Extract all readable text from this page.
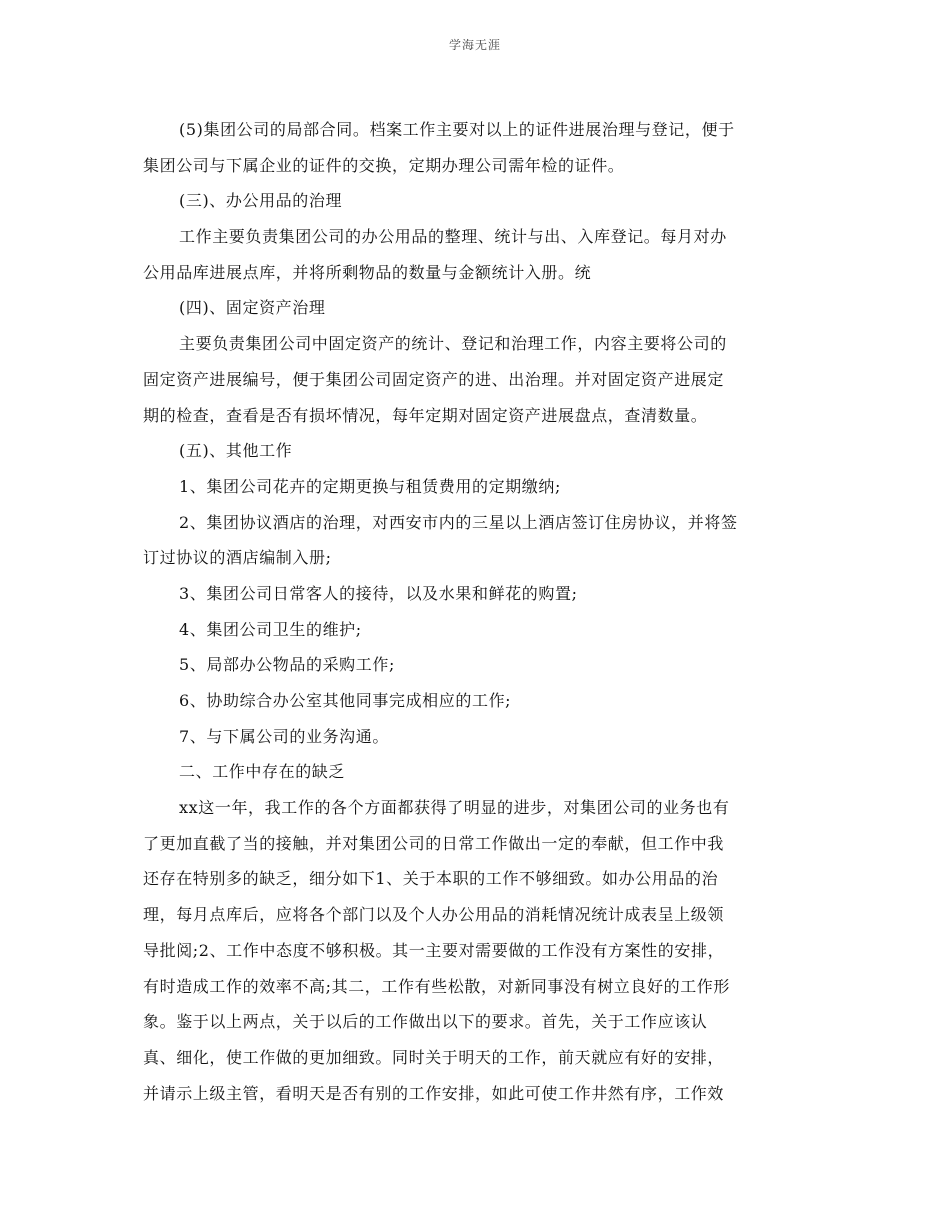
学海无涯
(5)集团公司的局部合同。档案工作主要对以上的证件进展治理与登记，便于
集团公司与下属企业的证件的交换，定期办理公司需年检的证件。
(三)、办公用品的治理
工作主要负责集团公司的办公用品的整理、统计与出、入库登记。每月对办
公用品库进展点库，并将所剩物品的数量与金额统计入册。统
(四)、固定资产治理
主要负责集团公司中固定资产的统计、登记和治理工作，内容主要将公司的
固定资产进展编号，便于集团公司固定资产的进、出治理。并对固定资产进展定
期的检查，查看是否有损坏情况，每年定期对固定资产进展盘点，查清数量。
(五)、其他工作
1、集团公司花卉的定期更换与租赁费用的定期缴纳;
2、集团协议酒店的治理，对西安市内的三星以上酒店签订住房协议，并将签
订过协议的酒店编制入册;
3、集团公司日常客人的接待，以及水果和鲜花的购置;
4、集团公司卫生的维护;
5、局部办公物品的采购工作;
6、协助综合办公室其他同事完成相应的工作;
7、与下属公司的业务沟通。
二、工作中存在的缺乏
xx这一年，我工作的各个方面都获得了明显的进步，对集团公司的业务也有
了更加直截了当的接触，并对集团公司的日常工作做出一定的奉献，但工作中我
还存在特别多的缺乏，细分如下1、关于本职的工作不够细致。如办公用品的治
理，每月点库后，应将各个部门以及个人办公用品的消耗情况统计成表呈上级领
导批阅;2、工作中态度不够积极。其一主要对需要做的工作没有方案性的安排，
有时造成工作的效率不高;其二，工作有些松散，对新同事没有树立良好的工作形
象。鉴于以上两点，关于以后的工作做出以下的要求。首先，关于工作应该认
真、细化，使工作做的更加细致。同时关于明天的工作，前天就应有好的安排，
并请示上级主管，看明天是否有别的工作安排，如此可使工作井然有序，工作效
